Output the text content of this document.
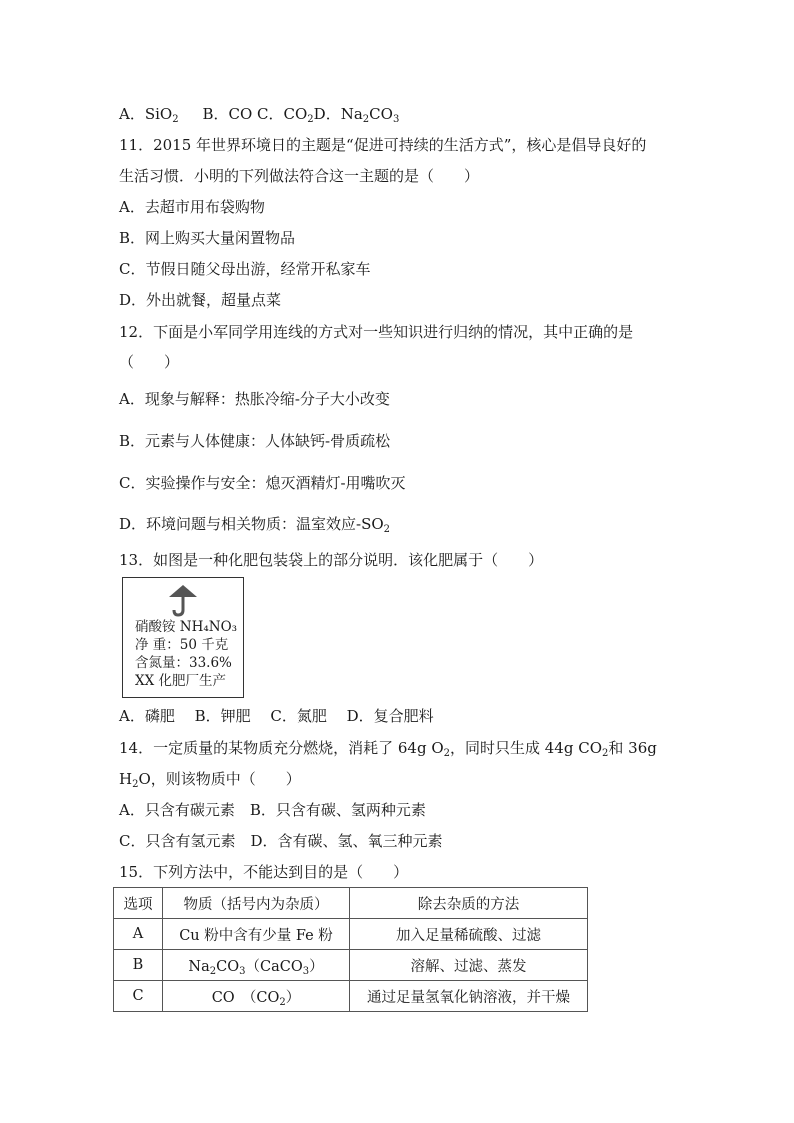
A．SiO$_2$ B．CO C．$CO_2D$．$Na_2CO_3$
11．2015 年世界环境日的主题是“促进可持续的生活方式”，核心是倡导良好的
生活习惯．小明的下列做法符合这一主题的是（　　）
A．去超市用布袋购物
B．网上购买大量闲置物品
C．节假日随父母出游，经常开私家车
D．外出就餐，超量点菜
12．下面是小军同学用连线的方式对一些知识进行归纳的情况，其中正确的是
（　　）
A．现象与解释：热胀冷缩-分子大小改变
B．元素与人体健康：人体缺钙-骨质疏松
C．实验操作与安全：熄灭酒精灯-用嘴吹灭
D．环境问题与相关物质：温室效应$-SO_2$
13．如图是一种化肥包装袋上的部分说明．该化肥属于（　　）
硝酸铵 NH₄NO₃
净 重：50 千克
含氮量：33.6%
XX 化肥厂生产
A．磷肥　 B．钾肥　 C．氮肥　 D．复合肥料
14．一定质量的某物质充分燃烧，消耗了 64g $O_2$，同时只生成 44g $CO_2$和 36g
$H_2O$，则该物质中（　　）
A．只含有碳元素　B．只含有碳、氢两种元素
C．只含有氢元素　D．含有碳、氢、氧三种元素
15．下列方法中，不能达到目的是（　　）
选项	物质（括号内为杂质）	除去杂质的方法
A	Cu 粉中含有少量 Fe 粉	加入足量稀硫酸、过滤
B	$Na_2CO_3(CaCO_3)$	溶解、过滤、蒸发
C	CO　$(CO_2)$	通过足量氢氧化钠溶液，并干燥
